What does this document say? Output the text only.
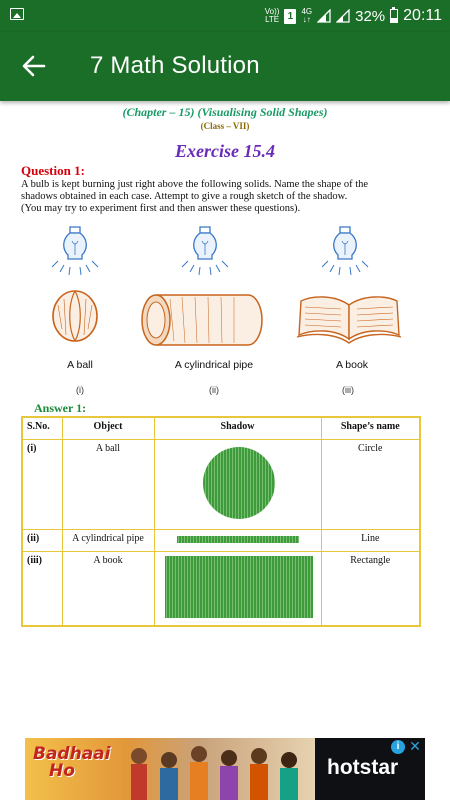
Vo))
LTE 1	4G
↓↑	32% 20:11
7 Math Solution
(Chapter – 15) (Visualising Solid Shapes)
(Class – VII)
Exercise 15.4
Question 1:
A bulb is kept burning just right above the following solids. Name the shape of the
shadows obtained in each case. Attempt to give a rough sketch of the shadow.
(You may try to experiment first and then answer these questions).
A ball	A cylindrical pipe	A book
(i)	(ii)	(iii)
Answer 1:
S.No.	Object	Shadow	Shape’s name
(i)	A ball		Circle
(ii)	A cylindrical pipe		Line
(iii)	A book		Rectangle
Badhaai
Ho	hotstar
i ✕
